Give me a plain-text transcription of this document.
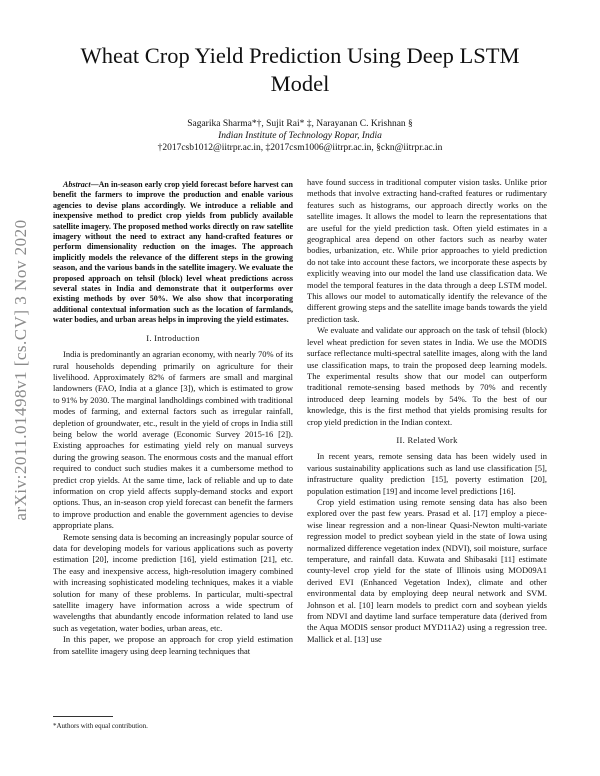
arXiv:2011.01498v1 [cs.CV] 3 Nov 2020
Wheat Crop Yield Prediction Using Deep LSTM Model
Sagarika Sharma*†, Sujit Rai* ‡, Narayanan C. Krishnan §
Indian Institute of Technology Ropar, India
†2017csb1012@iitrpr.ac.in, ‡2017csm1006@iitrpr.ac.in, §ckn@iitrpr.ac.in

Abstract—An in-season early crop yield forecast before harvest can benefit the farmers to improve the production and enable various agencies to devise plans accordingly. We introduce a reliable and inexpensive method to predict crop yields from publicly available satellite imagery. The proposed method works directly on raw satellite imagery without the need to extract any hand-crafted features or perform dimensionality reduction on the images. The approach implicitly models the relevance of the different steps in the growing season, and the various bands in the satellite imagery. We evaluate the proposed approach on tehsil (block) level wheat predictions across several states in India and demonstrate that it outperforms over existing methods by over 50%. We also show that incorporating additional contextual information such as the location of farmlands, water bodies, and urban areas helps in improving the yield estimates.

I. Introduction

India is predominantly an agrarian economy, with nearly 70% of its rural households depending primarily on agriculture for their livelihood. Approximately 82% of farmers are small and marginal landowners (FAO, India at a glance [3]), which is estimated to grow to 91% by 2030. The marginal landholdings combined with traditional modes of farming, and external factors such as irregular rainfall, depletion of groundwater, etc., result in the yield of crops in India still being below the world average (Economic Survey 2015-16 [2]). Existing approaches for estimating yield rely on manual surveys during the growing season. The enormous costs and the manual effort required to conduct such studies makes it a cumbersome method to predict crop yields. At the same time, lack of reliable and up to date information on crop yield affects supply-demand stocks and export options. Thus, an in-season crop yield forecast can benefit the farmers to improve production and enable the government agencies to devise appropriate plans.

Remote sensing data is becoming an increasingly popular source of data for developing models for various applications such as poverty estimation [20], income prediction [16], yield estimation [21], etc. The easy and inexpensive access, high-resolution imagery combined with increasing sophisticated modeling techniques, makes it a viable solution for many of these problems. In particular, multi-spectral satellite imagery have information across a wide spectrum of wavelengths that abundantly encode information related to land use such as vegetation, water bodies, urban areas, etc.

In this paper, we propose an approach for crop yield estimation from satellite imagery using deep learning techniques that

*Authors with equal contribution.

have found success in traditional computer vision tasks. Unlike prior methods that involve extracting hand-crafted features or rudimentary features such as histograms, our approach directly works on the satellite images. It allows the model to learn the representations that are useful for the yield prediction task. Often yield estimates in a geographical area depend on other factors such as nearby water bodies, urbanization, etc. While prior approaches to yield prediction do not take into account these factors, we incorporate these aspects by explicitly weaving into our model the land use classification data. We model the temporal features in the data through a deep LSTM model. This allows our model to automatically identify the relevance of the different growing steps and the satellite image bands towards the yield prediction task.

We evaluate and validate our approach on the task of tehsil (block) level wheat prediction for seven states in India. We use the MODIS surface reflectance multi-spectral satellite images, along with the land use classification maps, to train the proposed deep learning models. The experimental results show that our model can outperform traditional remote-sensing based methods by 70% and recently introduced deep learning models by 54%. To the best of our knowledge, this is the first method that yields promising results for crop yield prediction in the Indian context.

II. Related Work

In recent years, remote sensing data has been widely used in various sustainability applications such as land use classification [5], infrastructure quality prediction [15], poverty estimation [20], population estimation [19] and income level predictions [16].

Crop yield estimation using remote sensing data has also been explored over the past few years. Prasad et al. [17] employ a piece-wise linear regression and a non-linear Quasi-Newton multi-variate regression model to predict soybean yield in the state of Iowa using normalized difference vegetation index (NDVI), soil moisture, surface temperature, and rainfall data. Kuwata and Shibasaki [11] estimate county-level crop yield for the state of Illinois using MOD09A1 derived EVI (Enhanced Vegetation Index), climate and other environmental data by employing deep neural network and SVM. Johnson et al. [10] learn models to predict corn and soybean yields from NDVI and daytime land surface temperature data (derived from the Aqua MODIS sensor product MYD11A2) using a regression tree. Mallick et al. [13] use
